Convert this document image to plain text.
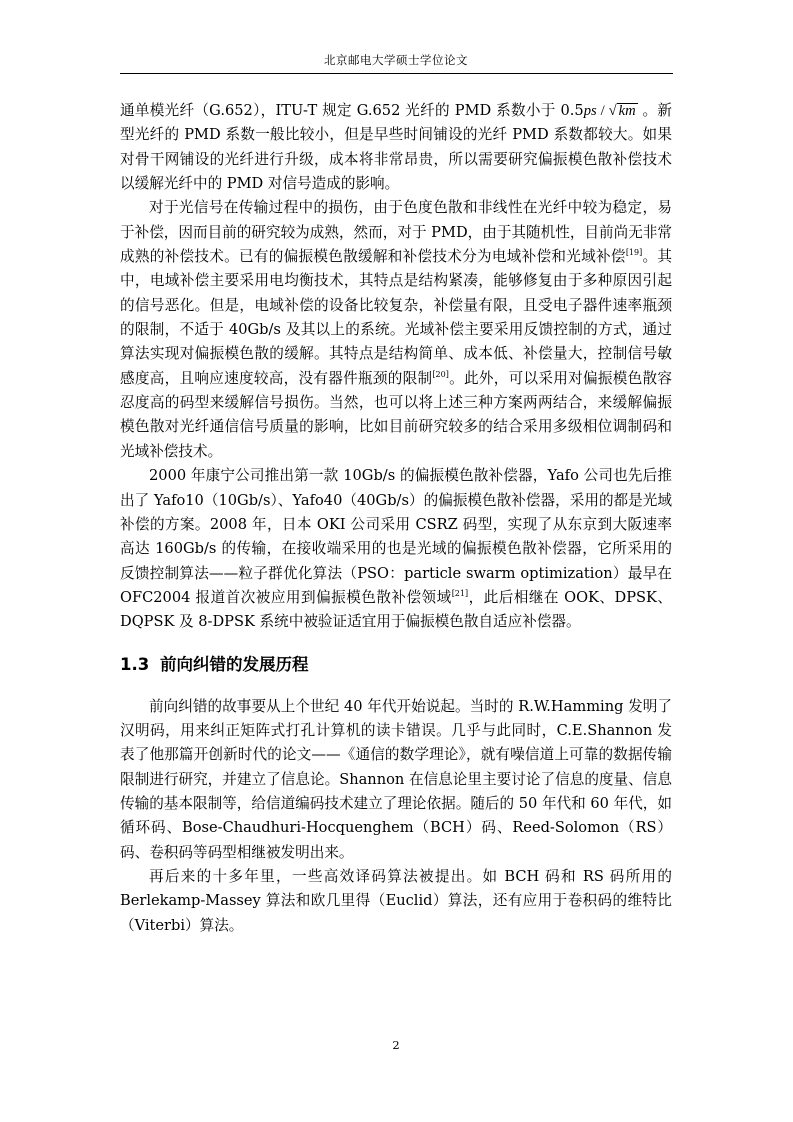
北京邮电大学硕士学位论文

通单模光纤（G.652），ITU-T 规定 G.652 光纤的 PMD 系数小于 0.5ps / √ km 。新型光纤的 PMD 系数一般比较小，但是早些时间铺设的光纤 PMD 系数都较大。如果对骨干网铺设的光纤进行升级，成本将非常昂贵，所以需要研究偏振模色散补偿技术以缓解光纤中的 PMD 对信号造成的影响。

对于光信号在传输过程中的损伤，由于色度色散和非线性在光纤中较为稳定，易于补偿，因而目前的研究较为成熟，然而，对于 PMD，由于其随机性，目前尚无非常成熟的补偿技术。已有的偏振模色散缓解和补偿技术分为电域补偿和光域补偿[19]。其中，电域补偿主要采用电均衡技术，其特点是结构紧凑，能够修复由于多种原因引起的信号恶化。但是，电域补偿的设备比较复杂，补偿量有限，且受电子器件速率瓶颈的限制，不适于 40Gb/s 及其以上的系统。光域补偿主要采用反馈控制的方式，通过算法实现对偏振模色散的缓解。其特点是结构简单、成本低、补偿量大，控制信号敏感度高，且响应速度较高，没有器件瓶颈的限制[20]。此外，可以采用对偏振模色散容忍度高的码型来缓解信号损伤。当然，也可以将上述三种方案两两结合，来缓解偏振模色散对光纤通信信号质量的影响，比如目前研究较多的结合采用多级相位调制码和光域补偿技术。

2000 年康宁公司推出第一款 10Gb/s 的偏振模色散补偿器，Yafo 公司也先后推出了 Yafo10（10Gb/s）、Yafo40（40Gb/s）的偏振模色散补偿器，采用的都是光域补偿的方案。2008 年，日本 OKI 公司采用 CSRZ 码型，实现了从东京到大阪速率高达 160Gb/s 的传输，在接收端采用的也是光域的偏振模色散补偿器，它所采用的反馈控制算法——粒子群优化算法（PSO：particle swarm optimization）最早在 OFC2004 报道首次被应用到偏振模色散补偿领域[21]，此后相继在 OOK、DPSK、DQPSK 及 8-DPSK 系统中被验证适宜用于偏振模色散自适应补偿器。

1.3 前向纠错的发展历程

前向纠错的故事要从上个世纪 40 年代开始说起。当时的 R.W.Hamming 发明了汉明码，用来纠正矩阵式打孔计算机的读卡错误。几乎与此同时，C.E.Shannon 发表了他那篇开创新时代的论文——《通信的数学理论》，就有噪信道上可靠的数据传输限制进行研究，并建立了信息论。Shannon 在信息论里主要讨论了信息的度量、信息传输的基本限制等，给信道编码技术建立了理论依据。随后的 50 年代和 60 年代，如循环码、Bose-Chaudhuri-Hocquenghem（BCH）码、Reed-Solomon（RS）码、卷积码等码型相继被发明出来。

再后来的十多年里，一些高效译码算法被提出。如 BCH 码和 RS 码所用的 Berlekamp-Massey 算法和欧几里得（Euclid）算法，还有应用于卷积码的维特比（Viterbi）算法。

2
